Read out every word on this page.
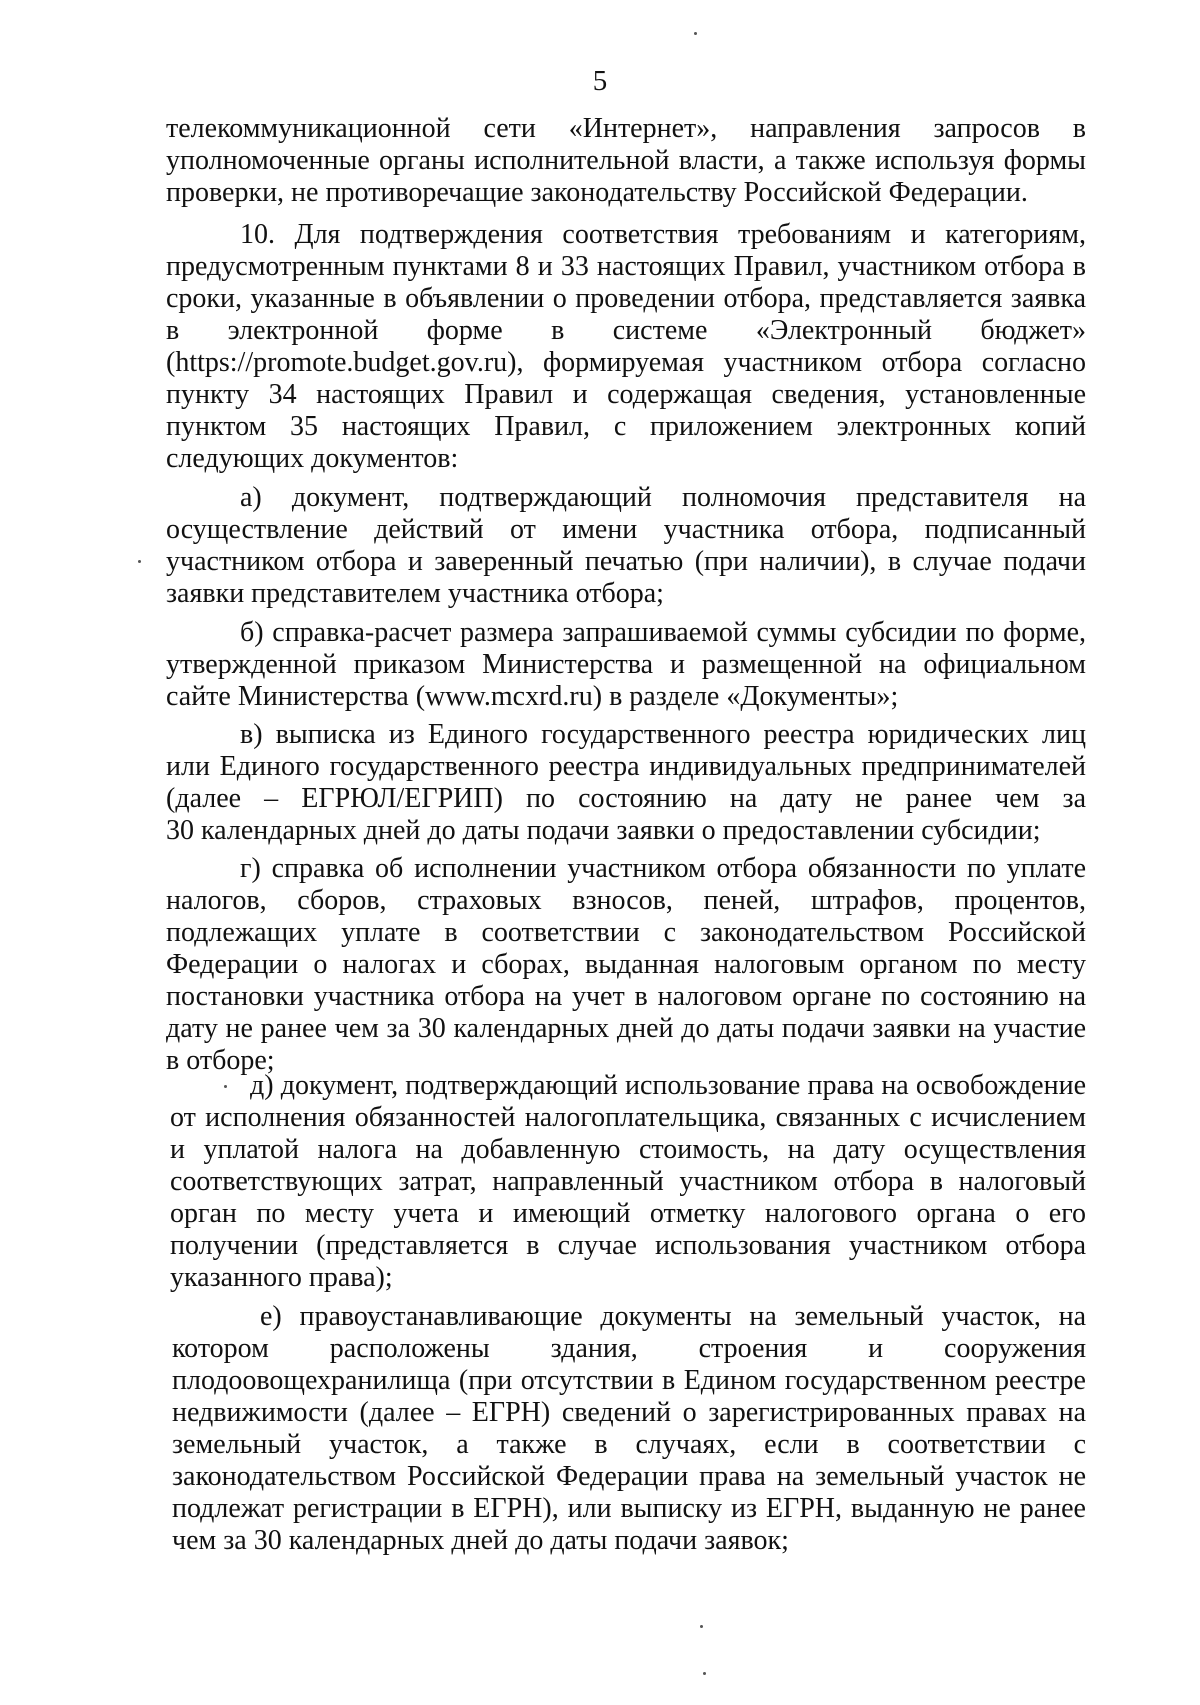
5
телекоммуникационной сети «Интернет», направления запросов в
уполномоченные органы исполнительной власти, а также используя формы
проверки, не противоречащие законодательству Российской Федерации.
10. Для подтверждения соответствия требованиям и категориям,
предусмотренным пунктами 8 и 33 настоящих Правил, участником отбора в
сроки, указанные в объявлении о проведении отбора, представляется заявка
в электронной форме в системе «Электронный бюджет»
(https://promote.budget.gov.ru), формируемая участником отбора согласно
пункту 34 настоящих Правил и содержащая сведения, установленные
пунктом 35 настоящих Правил, с приложением электронных копий
следующих документов:
а) документ, подтверждающий полномочия представителя на
осуществление действий от имени участника отбора, подписанный
участником отбора и заверенный печатью (при наличии), в случае подачи
заявки представителем участника отбора;
б) справка-расчет размера запрашиваемой суммы субсидии по форме,
утвержденной приказом Министерства и размещенной на официальном
сайте Министерства (www.mcxrd.ru) в разделе «Документы»;
в) выписка из Единого государственного реестра юридических лиц
или Единого государственного реестра индивидуальных предпринимателей
(далее – ЕГРЮЛ/ЕГРИП) по состоянию на дату не ранее чем за
30 календарных дней до даты подачи заявки о предоставлении субсидии;
г) справка об исполнении участником отбора обязанности по уплате
налогов, сборов, страховых взносов, пеней, штрафов, процентов,
подлежащих уплате в соответствии с законодательством Российской
Федерации о налогах и сборах, выданная налоговым органом по месту
постановки участника отбора на учет в налоговом органе по состоянию на
дату не ранее чем за 30 календарных дней до даты подачи заявки на участие
в отборе;
д) документ, подтверждающий использование права на освобождение
от исполнения обязанностей налогоплательщика, связанных с исчислением
и уплатой налога на добавленную стоимость, на дату осуществления
соответствующих затрат, направленный участником отбора в налоговый
орган по месту учета и имеющий отметку налогового органа о его
получении (представляется в случае использования участником отбора
указанного права);
е) правоустанавливающие документы на земельный участок, на
котором расположены здания, строения и сооружения
плодоовощехранилища (при отсутствии в Едином государственном реестре
недвижимости (далее – ЕГРН) сведений о зарегистрированных правах на
земельный участок, а также в случаях, если в соответствии с
законодательством Российской Федерации права на земельный участок не
подлежат регистрации в ЕГРН), или выписку из ЕГРН, выданную не ранее
чем за 30 календарных дней до даты подачи заявок;
